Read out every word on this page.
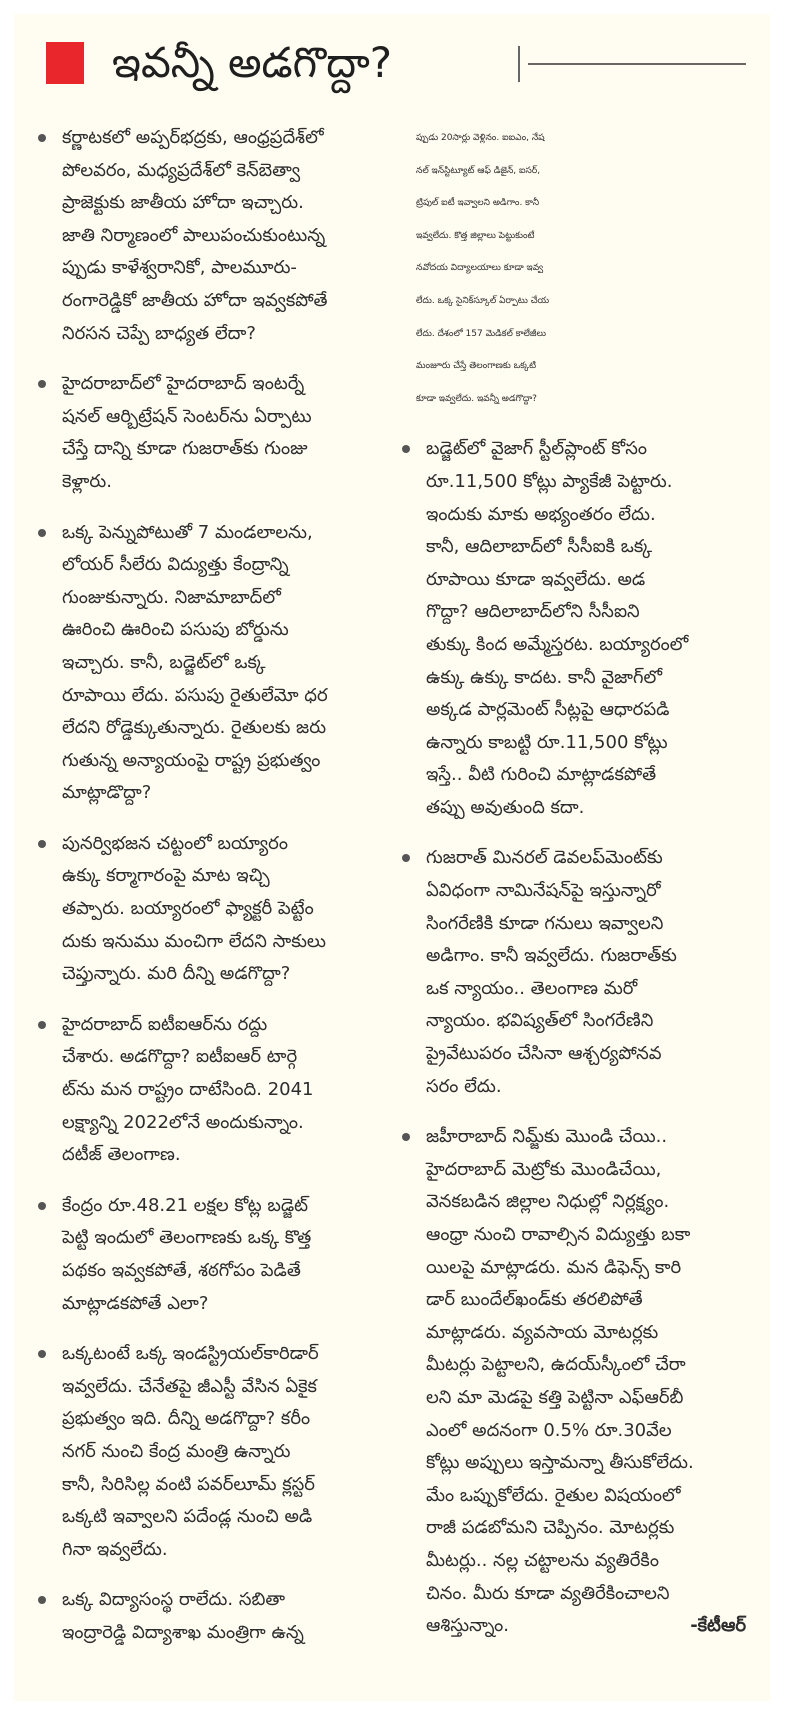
ఇవన్నీ అడగొద్దా?
కర్ణాటకలో అప్పర్‌భద్రకు, ఆంధ్రప్రదేశ్‌లో
పోలవరం, మధ్యప్రదేశ్‌లో కెన్‌బెత్వా
ప్రాజెక్టుకు జాతీయ హోదా ఇచ్చారు.
జాతి నిర్మాణంలో పాలుపంచుకుంటున్న
ప్పుడు కాళేశ్వరానికో, పాలమూరు-
రంగారెడ్డికో జాతీయ హోదా ఇవ్వకపోతే
నిరసన చెప్పే బాధ్యత లేదా?
హైదరాబాద్‌లో హైదరాబాద్ ఇంటర్నే
షనల్ ఆర్బిట్రేషన్ సెంటర్‌ను ఏర్పాటు
చేస్తే దాన్ని కూడా గుజరాత్‌కు గుంజు
కెళ్లారు.
ఒక్క పెన్నుపోటుతో 7 మండలాలను,
లోయర్ సీలేరు విద్యుత్తు కేంద్రాన్ని
గుంజుకున్నారు. నిజామాబాద్‌లో
ఊరించి ఊరించి పసుపు బోర్డును
ఇచ్చారు. కానీ, బడ్జెట్‌లో ఒక్క
రూపాయి లేదు. పసుపు రైతులేమో ధర
లేదని రోడ్డెక్కుతున్నారు. రైతులకు జరు
గుతున్న అన్యాయంపై రాష్ట్ర ప్రభుత్వం
మాట్లాడొద్దా?
పునర్విభజన చట్టంలో బయ్యారం
ఉక్కు కర్మాగారంపై మాట ఇచ్చి
తప్పారు. బయ్యారంలో ఫ్యాక్టరీ పెట్టేం
దుకు ఇనుము మంచిగా లేదని సాకులు
చెప్తున్నారు. మరి దీన్ని అడగొద్దా?
హైదరాబాద్ ఐటీఐఆర్‌ను రద్దు
చేశారు. అడగొద్దా? ఐటీఐఆర్ టార్గె
ట్‌ను మన రాష్ట్రం దాటేసింది. 2041
లక్ష్యాన్ని 2022లోనే అందుకున్నాం.
దటీజ్ తెలంగాణ.
కేంద్రం రూ.48.21 లక్షల కోట్ల బడ్జెట్
పెట్టి ఇందులో తెలంగాణకు ఒక్క కొత్త
పథకం ఇవ్వకపోతే, శఠగోపం పెడితే
మాట్లాడకపోతే ఎలా?
ఒక్కటంటే ఒక్క ఇండస్ట్రియల్‌కారిడార్
ఇవ్వలేదు. చేనేతపై జీఎస్టీ వేసిన ఏకైక
ప్రభుత్వం ఇది. దీన్ని అడగొద్దా? కరీం
నగర్ నుంచి కేంద్ర మంత్రి ఉన్నారు
కానీ, సిరిసిల్ల వంటి పవర్‌లూమ్ క్లస్టర్
ఒక్కటి ఇవ్వాలని పదేండ్ల నుంచి అడి
గినా ఇవ్వలేదు.
ఒక్క విద్యాసంస్థ రాలేదు. సబితా
ఇంద్రారెడ్డి విద్యాశాఖ మంత్రిగా ఉన్న
ప్పుడు 20సార్లు వెళ్లినం. ఐఐఎం, నేష
నల్ ఇన్‌స్టిట్యూట్ ఆఫ్ డిజైన్, ఐసర్,
ట్రిపుల్ ఐటీ ఇవ్వాలని అడిగాం. కానీ
ఇవ్వలేదు. కొత్త జిల్లాలు పెట్టుకుంటే
నవోదయ విద్యాలయాలు కూడా ఇవ్వ
లేదు. ఒక్క సైనిక్‌స్కూల్ ఏర్పాటు చేయ
లేదు. దేశంలో 157 మెడికల్ కాలేజీలు
మంజూరు చేస్తే తెలంగాణకు ఒక్కటి
కూడా ఇవ్వలేదు. ఇవన్నీ అడగొద్దా?
బడ్జెట్‌లో వైజాగ్ స్టీల్‌ప్లాంట్ కోసం
రూ.11,500 కోట్లు ప్యాకేజీ పెట్టారు.
ఇందుకు మాకు అభ్యంతరం లేదు.
కానీ, ఆదిలాబాద్‌లో సీసీఐకి ఒక్క
రూపాయి కూడా ఇవ్వలేదు. అడ
గొద్దా? ఆదిలాబాద్‌లోని సీసీఐని
తుక్కు కింద అమ్మేస్తరట. బయ్యారంలో
ఉక్కు ఉక్కు కాదట. కానీ వైజాగ్‌లో
అక్కడ పార్లమెంట్ సీట్లపై ఆధారపడి
ఉన్నారు కాబట్టి రూ.11,500 కోట్లు
ఇస్తే.. వీటి గురించి మాట్లాడకపోతే
తప్పు అవుతుంది కదా.
గుజరాత్ మినరల్ డెవలప్‌మెంట్‌కు
ఏవిధంగా నామినేషన్‌పై ఇస్తున్నారో
సింగరేణికి కూడా గనులు ఇవ్వాలని
అడిగాం. కానీ ఇవ్వలేదు. గుజరాత్‌కు
ఒక న్యాయం.. తెలంగాణ మరో
న్యాయం. భవిష్యత్‌లో సింగరేణిని
ప్రైవేటుపరం చేసినా ఆశ్చర్యపోనవ
సరం లేదు.
జహీరాబాద్ నిమ్జ్‌కు మొండి చేయి..
హైదరాబాద్ మెట్రోకు మొండిచేయి,
వెనకబడిన జిల్లాల నిధుల్లో నిర్లక్ష్యం.
ఆంధ్రా నుంచి రావాల్సిన విద్యుత్తు బకా
యిలపై మాట్లాడరు. మన డిఫెన్స్ కారి
డార్ బుందేల్‌ఖండ్‌కు తరలిపోతే
మాట్లాడరు. వ్యవసాయ మోటర్లకు
మీటర్లు పెట్టాలని, ఉదయ్‌స్కీంలో చేరా
లని మా మెడపై కత్తి పెట్టినా ఎఫ్‌ఆర్‌బీ
ఎంలో అదనంగా 0.5% రూ.30వేల
కోట్లు అప్పులు ఇస్తామన్నా తీసుకోలేదు.
మేం ఒప్పుకోలేదు. రైతుల విషయంలో
రాజీ పడబోమని చెప్పినం. మోటర్లకు
మీటర్లు.. నల్ల చట్టాలను వ్యతిరేకిం
చినం. మీరు కూడా వ్యతిరేకించాలని
ఆశిస్తున్నాం.	-కేటీఆర్
